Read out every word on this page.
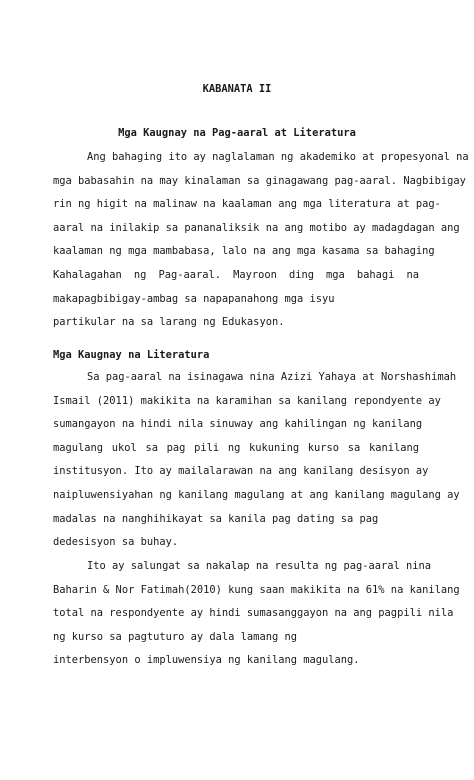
KABANATA II
Mga Kaugnay na Pag-aaral at Literatura
Ang bahaging ito ay naglalaman ng akademiko at propesyonal na
mga babasahin na may kinalaman sa ginagawang pag-aaral. Nagbibigay
rin ng higit na malinaw na kaalaman ang mga literatura at pag-
aaral na inilakip sa pananaliksik na ang motibo ay madagdagan ang
kaalaman ng mga mambabasa, lalo na ang mga kasama sa bahaging
Kahalagahan ng Pag-aaral. Mayroon ding mga bahagi na
makapagbibigay-ambag sa napapanahong mga isyu
partikular na sa larang ng Edukasyon.
Mga Kaugnay na Literatura
Sa pag-aaral na isinagawa nina Azizi Yahaya at Norshashimah
Ismail (2011) makikita na karamihan sa kanilang repondyente ay
sumangayon na hindi nila sinuway ang kahilingan ng kanilang
magulang ukol sa pag pili ng kukuning kurso sa kanilang
institusyon. Ito ay mailalarawan na ang kanilang desisyon ay
naipluwensiyahan ng kanilang magulang at ang kanilang magulang ay
madalas na nanghihikayat sa kanila pag dating sa pag
dedesisyon sa buhay.
Ito ay salungat sa nakalap na resulta ng pag-aaral nina
Baharin & Nor Fatimah(2010) kung saan makikita na 61% na kanilang
total na respondyente ay hindi sumasanggayon na ang pagpili nila
ng kurso sa pagtuturo ay dala lamang ng
interbensyon o impluwensiya ng kanilang magulang.
